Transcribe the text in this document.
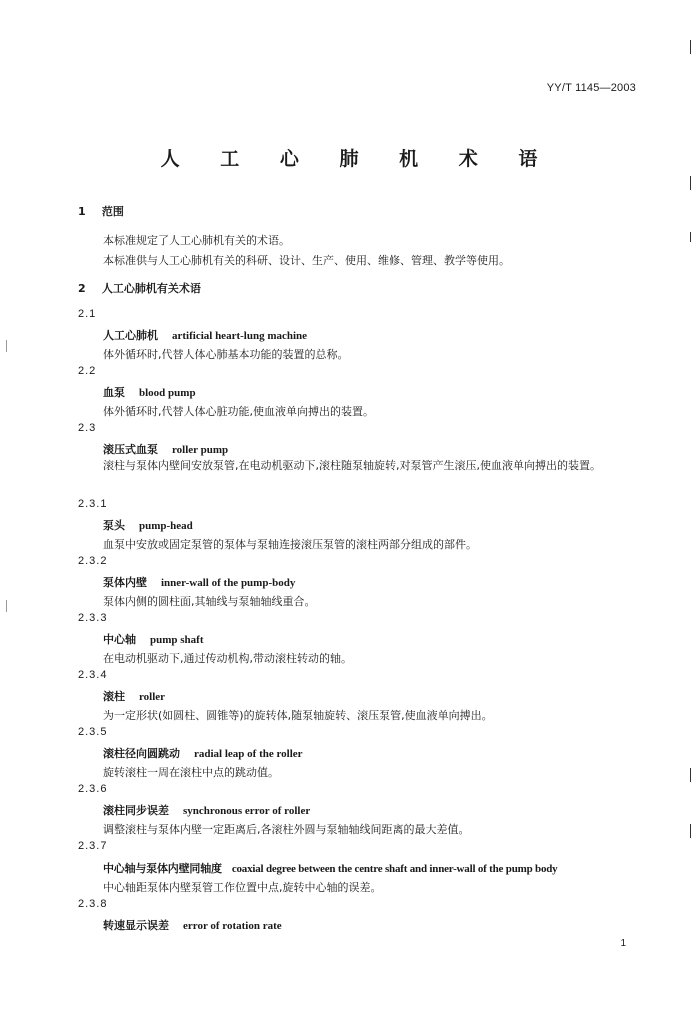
YY/T 1145—2003
人 工 心 肺 机 术 语
1 范围
本标准规定了人工心肺机有关的术语。
本标准供与人工心肺机有关的科研、设计、生产、使用、维修、管理、教学等使用。
2 人工心肺机有关术语
2.1
人工心肺机 artificial heart-lung machine
体外循环时,代替人体心肺基本功能的装置的总称。
2.2
血泵 blood pump
体外循环时,代替人体心脏功能,使血液单向搏出的装置。
2.3
滚压式血泵 roller pump
滚柱与泵体内壁间安放泵管,在电动机驱动下,滚柱随泵轴旋转,对泵管产生滚压,使血液单向搏出的装置。
2.3.1
泵头 pump-head
血泵中安放或固定泵管的泵体与泵轴连接滚压泵管的滚柱两部分组成的部件。
2.3.2
泵体内壁 inner-wall of the pump-body
泵体内侧的圆柱面,其轴线与泵轴轴线重合。
2.3.3
中心轴 pump shaft
在电动机驱动下,通过传动机构,带动滚柱转动的轴。
2.3.4
滚柱 roller
为一定形状(如圆柱、圆锥等)的旋转体,随泵轴旋转、滚压泵管,使血液单向搏出。
2.3.5
滚柱径向圆跳动 radial leap of the roller
旋转滚柱一周在滚柱中点的跳动值。
2.3.6
滚柱同步误差 synchronous error of roller
调整滚柱与泵体内壁一定距离后,各滚柱外圆与泵轴轴线间距离的最大差值。
2.3.7
中心轴与泵体内壁同轴度 coaxial degree between the centre shaft and inner-wall of the pump body
中心轴距泵体内壁泵管工作位置中点,旋转中心轴的误差。
2.3.8
转速显示误差 error of rotation rate
1
